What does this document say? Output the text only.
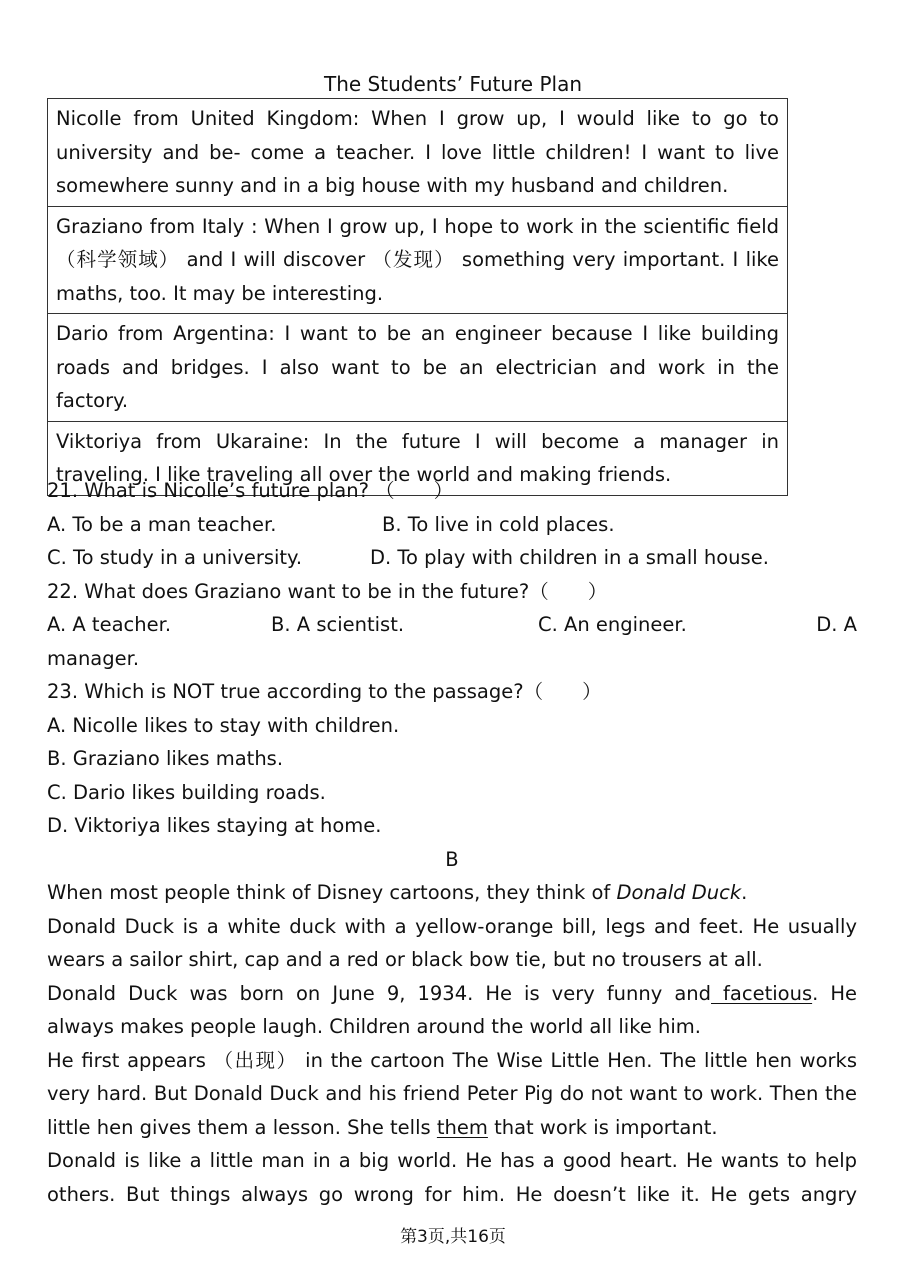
The Students’ Future Plan
Nicolle from United Kingdom: When I grow up, I would like to go to university and be- come a teacher. I love little children! I want to live somewhere sunny and in a big house with my husband and children.
Graziano from Italy : When I grow up, I hope to work in the scientific field （科学领域） and I will discover （发现） something very important. I like maths, too. It may be interesting.
Dario from Argentina: I want to be an engineer because I like building roads and bridges. I also want to be an electrician and work in the factory.
Viktoriya from Ukaraine: In the future I will become a manager in traveling. I like traveling all over the world and making friends.
21. What is Nicolle’s future plan? （　　）
A. To be a man teacher.	B. To live in cold places.
C. To study in a university.	D. To play with children in a small house.
22. What does Graziano want to be in the future?（　　）
A. A teacher.	B. A scientist.	C. An engineer.	D. A
manager.
23. Which is NOT true according to the passage?（　　）
A. Nicolle likes to stay with children.
B. Graziano likes maths.
C. Dario likes building roads.
D. Viktoriya likes staying at home.
B
When most people think of Disney cartoons, they think of Donald Duck.
Donald Duck is a white duck with a yellow-orange bill, legs and feet. He usually
wears a sailor shirt, cap and a red or black bow tie, but no trousers at all.
Donald Duck was born on June 9, 1934. He is very funny and facetious. He
always makes people laugh. Children around the world all like him.
He first appears （出现） in the cartoon The Wise Little Hen. The little hen works
very hard. But Donald Duck and his friend Peter Pig do not want to work. Then the
little hen gives them a lesson. She tells them that work is important.
Donald is like a little man in a big world. He has a good heart. He wants to help
others. But things always go wrong for him. He doesn’t like it. He gets angry
第3页,共16页
